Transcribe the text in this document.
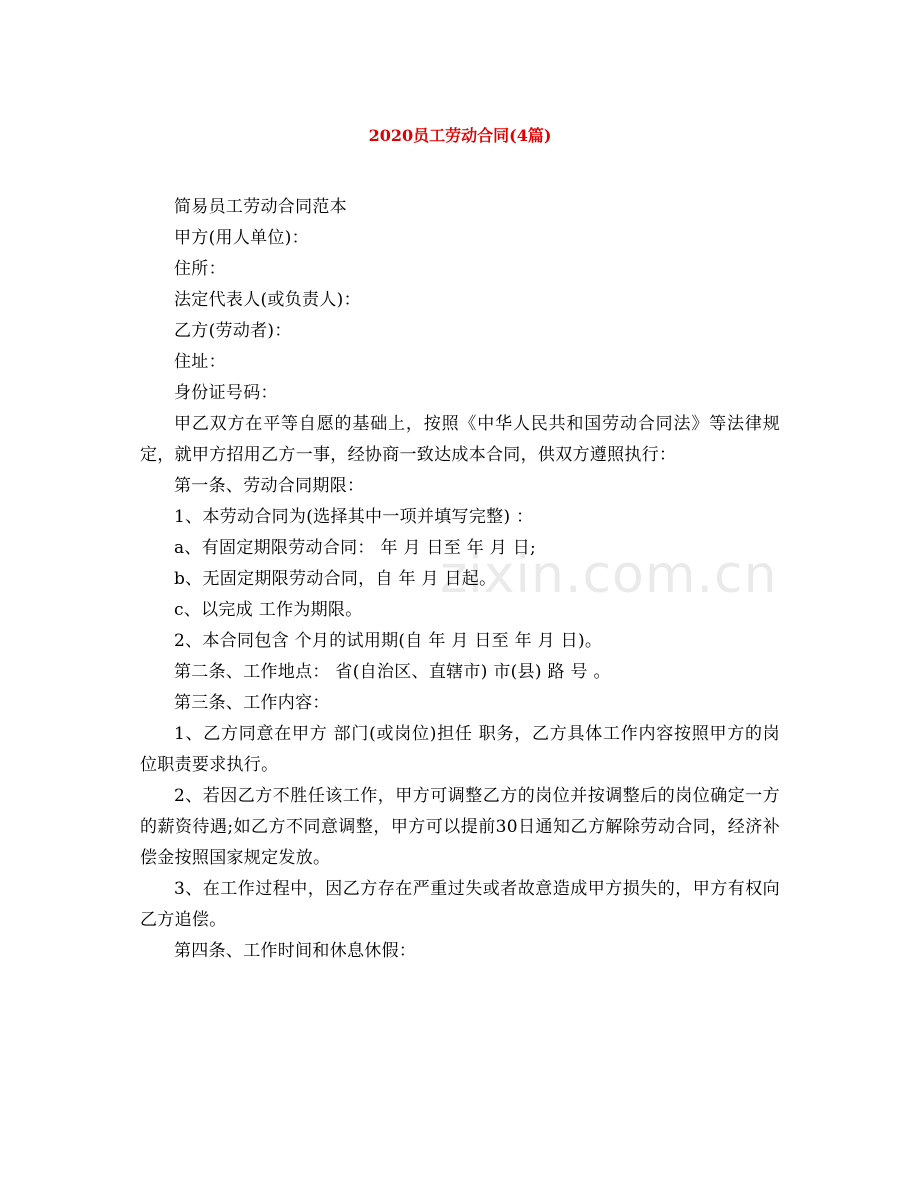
2020员工劳动合同(4篇)

简易员工劳动合同范本

甲方(用人单位)：

住所：

法定代表人(或负责人)：

乙方(劳动者)：

住址：

身份证号码：

甲乙双方在平等自愿的基础上，按照《中华人民共和国劳动合同法》等法律规定，就甲方招用乙方一事，经协商一致达成本合同，供双方遵照执行：

第一条、劳动合同期限：

1、本劳动合同为(选择其中一项并填写完整) ：

a、有固定期限劳动合同： 年 月 日至 年 月 日;

b、无固定期限劳动合同，自 年 月 日起。

c、以完成 工作为期限。

2、本合同包含 个月的试用期(自 年 月 日至 年 月 日)。

第二条、工作地点： 省(自治区、直辖市) 市(县) 路 号 。

第三条、工作内容：

1、乙方同意在甲方 部门(或岗位)担任 职务，乙方具体工作内容按照甲方的岗位职责要求执行。

2、若因乙方不胜任该工作，甲方可调整乙方的岗位并按调整后的岗位确定一方的薪资待遇;如乙方不同意调整，甲方可以提前30日通知乙方解除劳动合同，经济补偿金按照国家规定发放。

3、在工作过程中，因乙方存在严重过失或者故意造成甲方损失的，甲方有权向乙方追偿。

第四条、工作时间和休息休假：

zixin.com.cn
